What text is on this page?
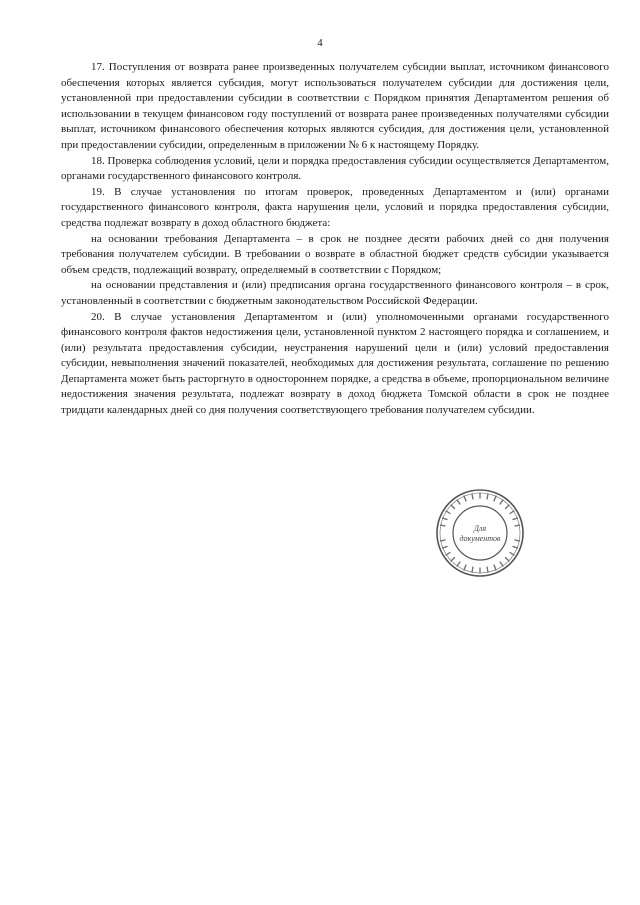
4

17. Поступления от возврата ранее произведенных получателем субсидии выплат, источником финансового обеспечения которых является субсидия, могут использоваться получателем субсидии для достижения цели, установленной при предоставлении субсидии в соответствии с Порядком принятия Департаментом решения об использовании в текущем финансовом году поступлений от возврата ранее произведенных получателями субсидии выплат, источником финансового обеспечения которых являются субсидия, для достижения цели, установленной при предоставлении субсидии, определенным в приложении № 6 к настоящему Порядку.

18. Проверка соблюдения условий, цели и порядка предоставления субсидии осуществляется Департаментом, органами государственного финансового контроля.

19. В случае установления по итогам проверок, проведенных Департаментом и (или) органами государственного финансового контроля, факта нарушения цели, условий и порядка предоставления субсидии, средства подлежат возврату в доход областного бюджета:

на основании требования Департамента – в срок не позднее десяти рабочих дней со дня получения требования получателем субсидии. В требовании о возврате в областной бюджет средств субсидии указывается объем средств, подлежащий возврату, определяемый в соответствии с Порядком;

на основании представления и (или) предписания органа государственного финансового контроля – в срок, установленный в соответствии с бюджетным законодательством Российской Федерации.

20. В случае установления Департаментом и (или) уполномоченными органами государственного финансового контроля фактов недостижения цели, установленной пунктом 2 настоящего порядка и соглашением, и (или) результата предоставления субсидии, неустранения нарушений цели и (или) условий предоставления субсидии, невыполнения значений показателей, необходимых для достижения результата, соглашение по решению Департамента может быть расторгнуто в одностороннем порядке, а средства в объеме, пропорциональном величине недостижения значения результата, подлежат возврату в доход бюджета Томской области в срок не позднее тридцати календарных дней со дня получения соответствующего требования получателем субсидии.

Для
документов
